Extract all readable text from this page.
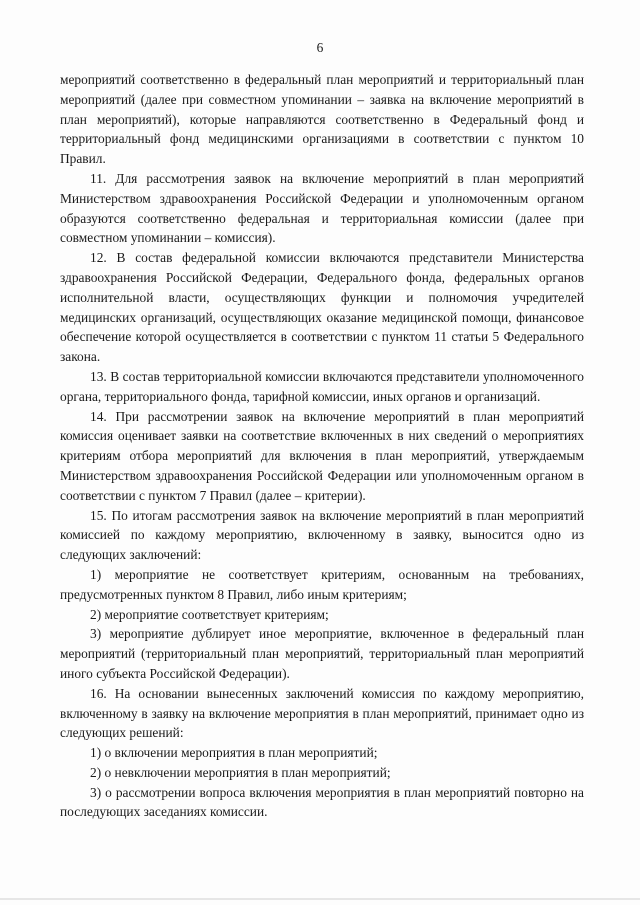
6

мероприятий соответственно в федеральный план мероприятий и территориальный план мероприятий (далее при совместном упоминании – заявка на включение мероприятий в план мероприятий), которые направляются соответственно в Федеральный фонд и территориальный фонд медицинскими организациями в соответствии с пунктом 10 Правил.

11. Для рассмотрения заявок на включение мероприятий в план мероприятий Министерством здравоохранения Российской Федерации и уполномоченным органом образуются соответственно федеральная и территориальная комиссии (далее при совместном упоминании – комиссия).

12. В состав федеральной комиссии включаются представители Министерства здравоохранения Российской Федерации, Федерального фонда, федеральных органов исполнительной власти, осуществляющих функции и полномочия учредителей медицинских организаций, осуществляющих оказание медицинской помощи, финансовое обеспечение которой осуществляется в соответствии с пунктом 11 статьи 5 Федерального закона.

13. В состав территориальной комиссии включаются представители уполномоченного органа, территориального фонда, тарифной комиссии, иных органов и организаций.

14. При рассмотрении заявок на включение мероприятий в план мероприятий комиссия оценивает заявки на соответствие включенных в них сведений о мероприятиях критериям отбора мероприятий для включения в план мероприятий, утверждаемым Министерством здравоохранения Российской Федерации или уполномоченным органом в соответствии с пунктом 7 Правил (далее – критерии).

15. По итогам рассмотрения заявок на включение мероприятий в план мероприятий комиссией по каждому мероприятию, включенному в заявку, выносится одно из следующих заключений:

1) мероприятие не соответствует критериям, основанным на требованиях, предусмотренных пунктом 8 Правил, либо иным критериям;

2) мероприятие соответствует критериям;

3) мероприятие дублирует иное мероприятие, включенное в федеральный план мероприятий (территориальный план мероприятий, территориальный план мероприятий иного субъекта Российской Федерации).

16. На основании вынесенных заключений комиссия по каждому мероприятию, включенному в заявку на включение мероприятия в план мероприятий, принимает одно из следующих решений:

1) о включении мероприятия в план мероприятий;

2) о невключении мероприятия в план мероприятий;

3) о рассмотрении вопроса включения мероприятия в план мероприятий повторно на последующих заседаниях комиссии.
